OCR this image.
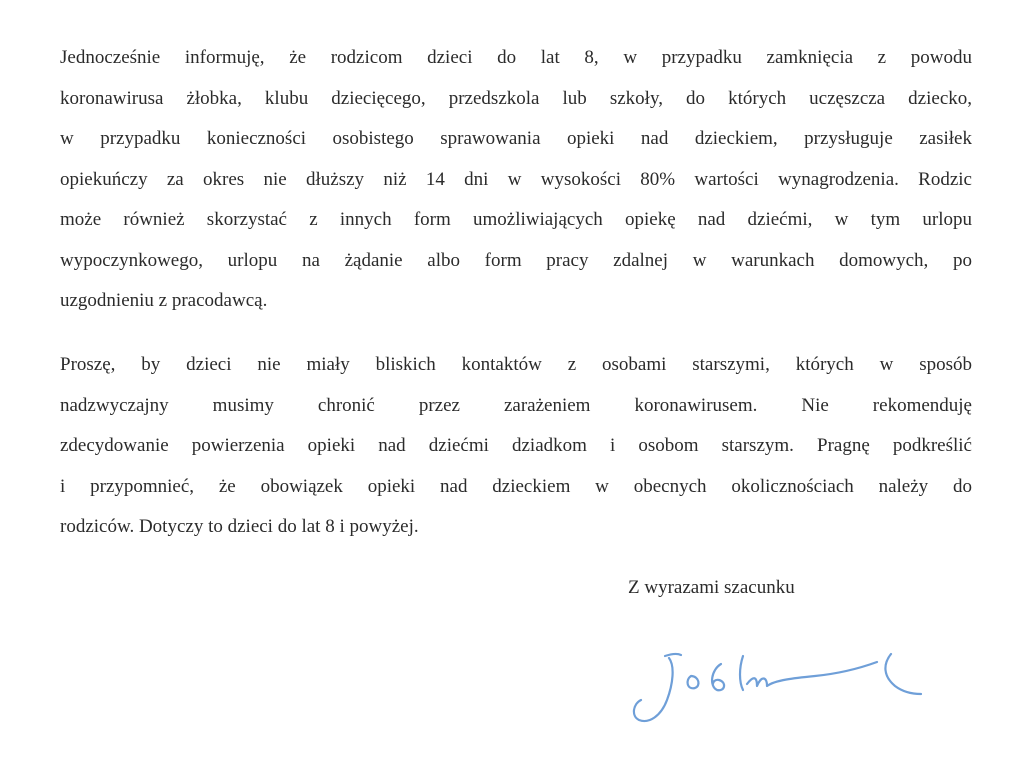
Jednocześnie informuję, że rodzicom dzieci do lat 8, w przypadku zamknięcia z powodu
koronawirusa żłobka, klubu dziecięcego, przedszkola lub szkoły, do których uczęszcza dziecko,
w przypadku konieczności osobistego sprawowania opieki nad dzieckiem, przysługuje zasiłek
opiekuńczy za okres nie dłuższy niż 14 dni w wysokości 80% wartości wynagrodzenia. Rodzic
może również skorzystać z innych form umożliwiających opiekę nad dziećmi, w tym urlopu
wypoczynkowego, urlopu na żądanie albo form pracy zdalnej w warunkach domowych, po
uzgodnieniu z pracodawcą.
Proszę, by dzieci nie miały bliskich kontaktów z osobami starszymi, których w sposób
nadzwyczajny musimy chronić przez zarażeniem koronawirusem. Nie rekomenduję
zdecydowanie powierzenia opieki nad dziećmi dziadkom i osobom starszym. Pragnę podkreślić
i przypomnieć, że obowiązek opieki nad dzieckiem w obecnych okolicznościach należy do
rodziców. Dotyczy to dzieci do lat 8 i powyżej.
Z wyrazami szacunku
